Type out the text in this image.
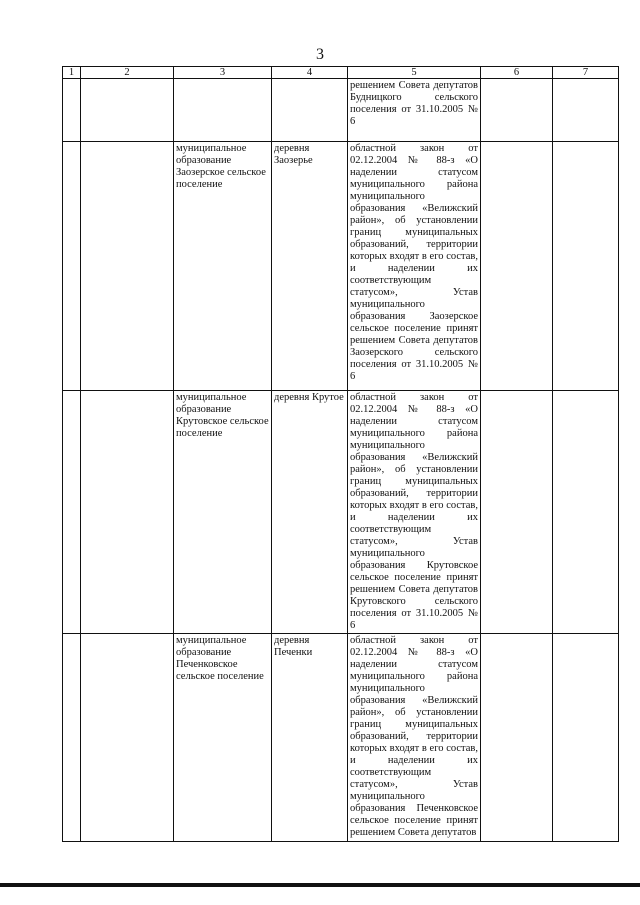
3
1	2	3	4	5	6	7
				решением Совета депутатов Будницкого сельского поселения от 31.10.2005 № 6		
		муниципальное образование Заозерское сельское поселение	деревня Заозерье	областной закон от 02.12.2004 № 88-з «О наделении статусом муниципального района муниципального образования «Велижский район», об установлении границ муниципальных образований, территории которых входят в его состав, и наделении их соответствующим статусом», Устав муниципального образования Заозерское сельское поселение принят решением Совета депутатов Заозерского сельского поселения от 31.10.2005 № 6		
		муниципальное образование Крутовское сельское поселение	деревня Крутое	областной закон от 02.12.2004 № 88-з «О наделении статусом муниципального района муниципального образования «Велижский район», об установлении границ муниципальных образований, территории которых входят в его состав, и наделении их соответствующим статусом», Устав муниципального образования Крутовское сельское поселение принят решением Совета депутатов Крутовского сельского поселения от 31.10.2005 № 6		
		муниципальное образование Печенковское сельское поселение	деревня Печенки	областной закон от 02.12.2004 № 88-з «О наделении статусом муниципального района муниципального образования «Велижский район», об установлении границ муниципальных образований, территории которых входят в его состав, и наделении их соответствующим статусом», Устав муниципального образования Печенковское сельское поселение принят решением Совета депутатов		
